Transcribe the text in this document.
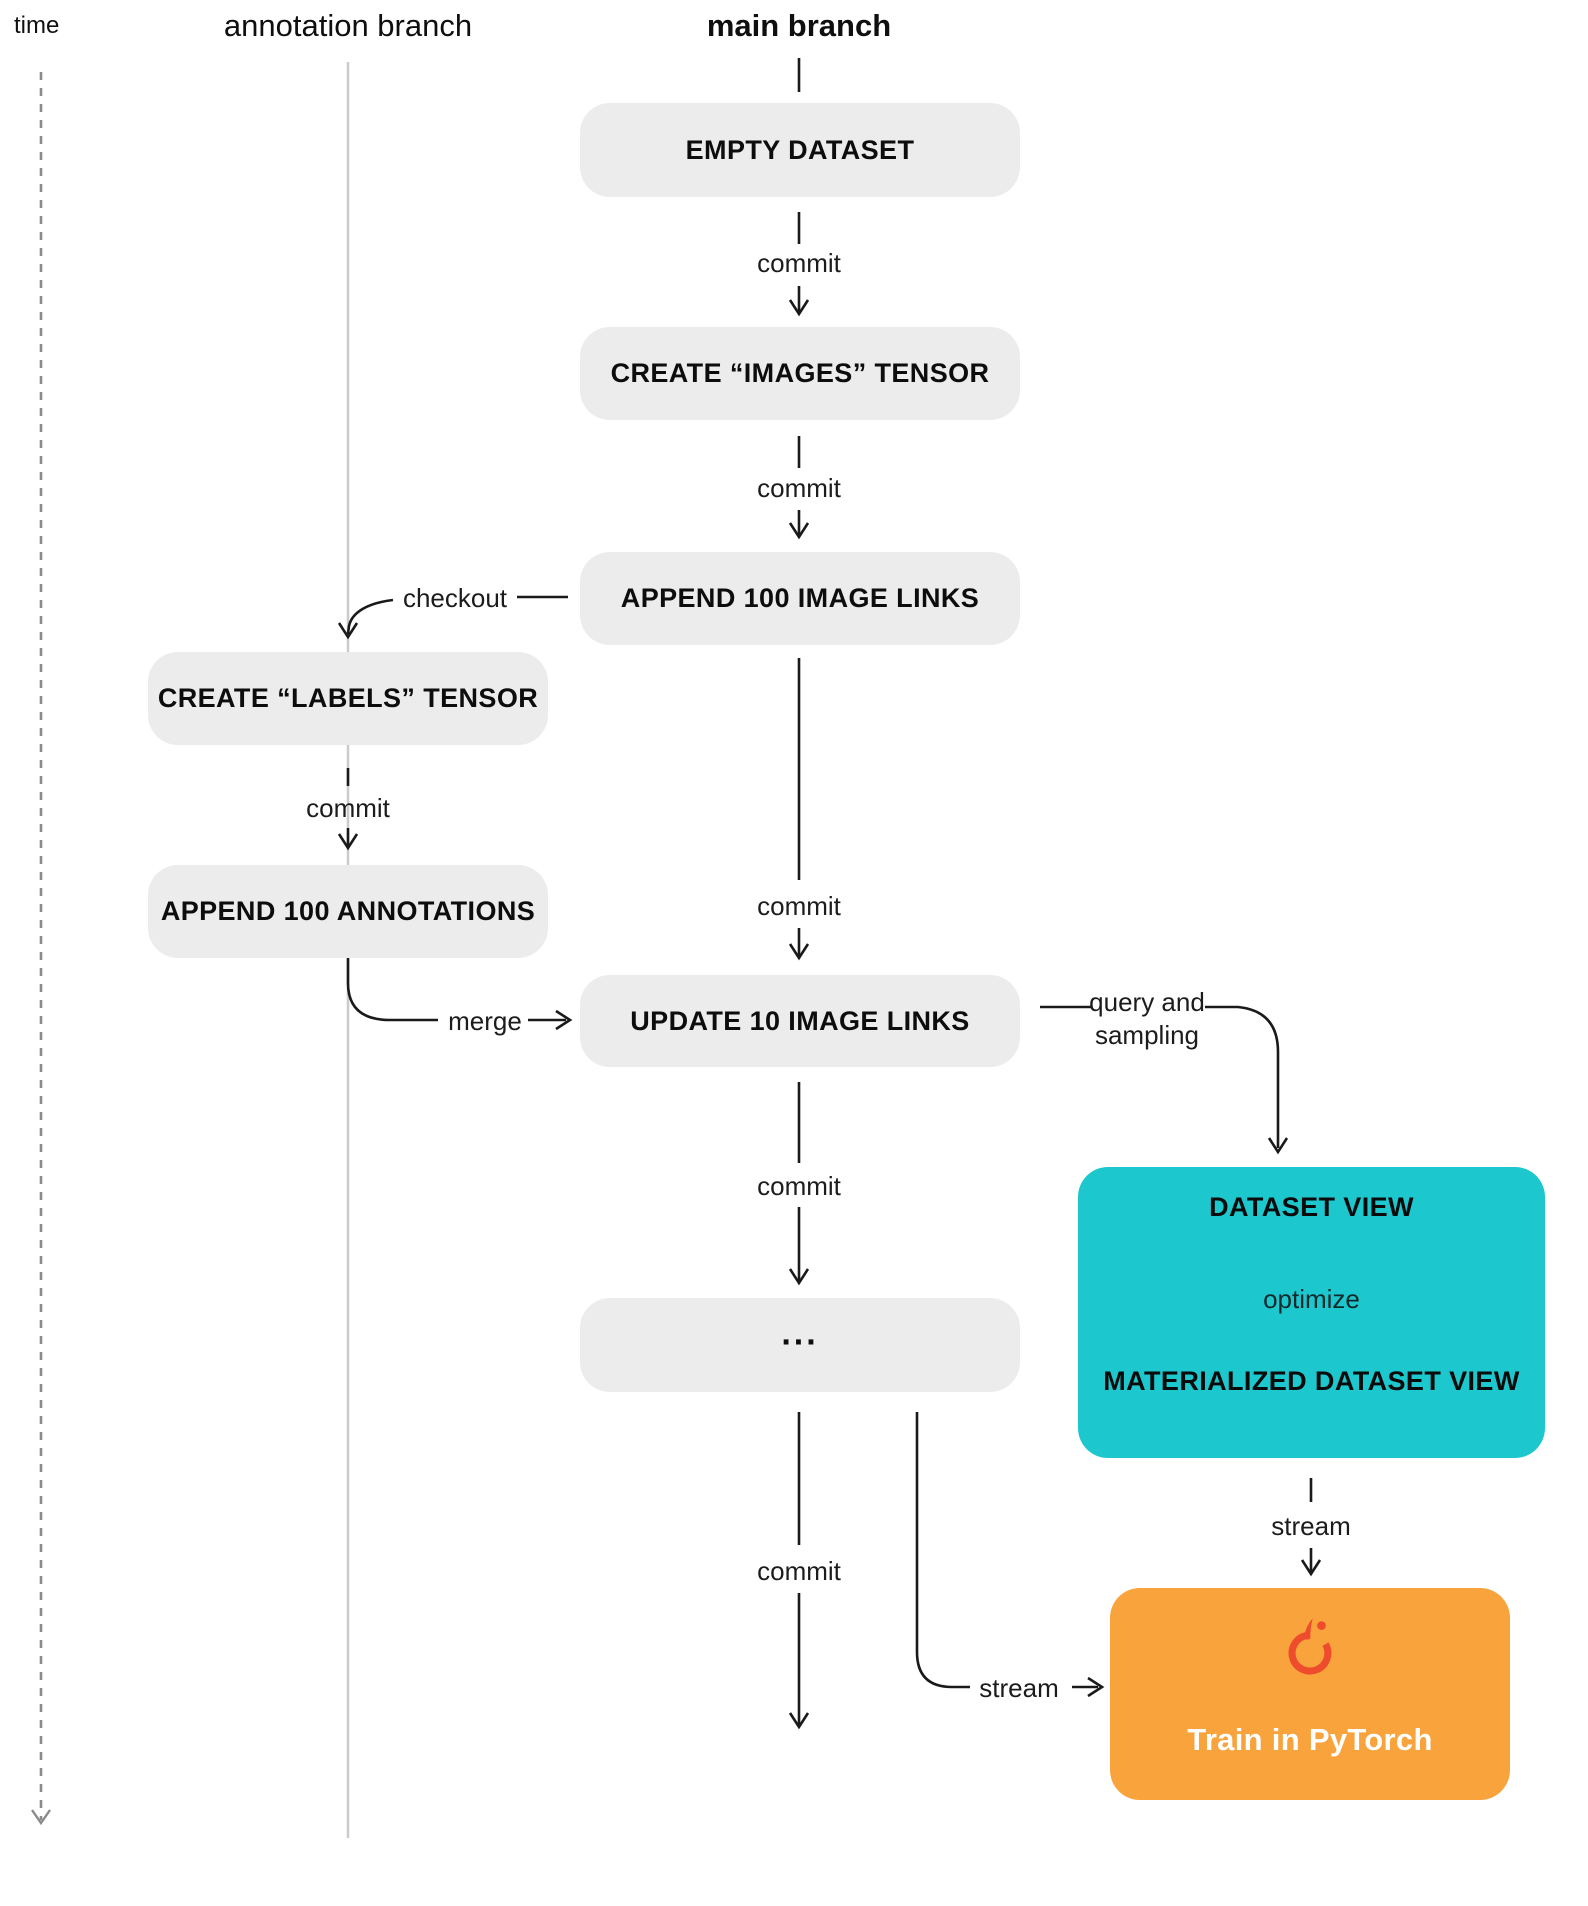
time	annotation branch	main branch
EMPTY DATASET
CREATE “IMAGES” TENSOR
APPEND 100 IMAGE LINKS
UPDATE 10 IMAGE LINKS
...
CREATE “LABELS” TENSOR
APPEND 100 ANNOTATIONS
commit
commit
commit
commit
commit
commit
checkout
merge
query and
sampling
stream
stream
DATASET VIEW
optimize
MATERIALIZED DATASET VIEW
Train in PyTorch
